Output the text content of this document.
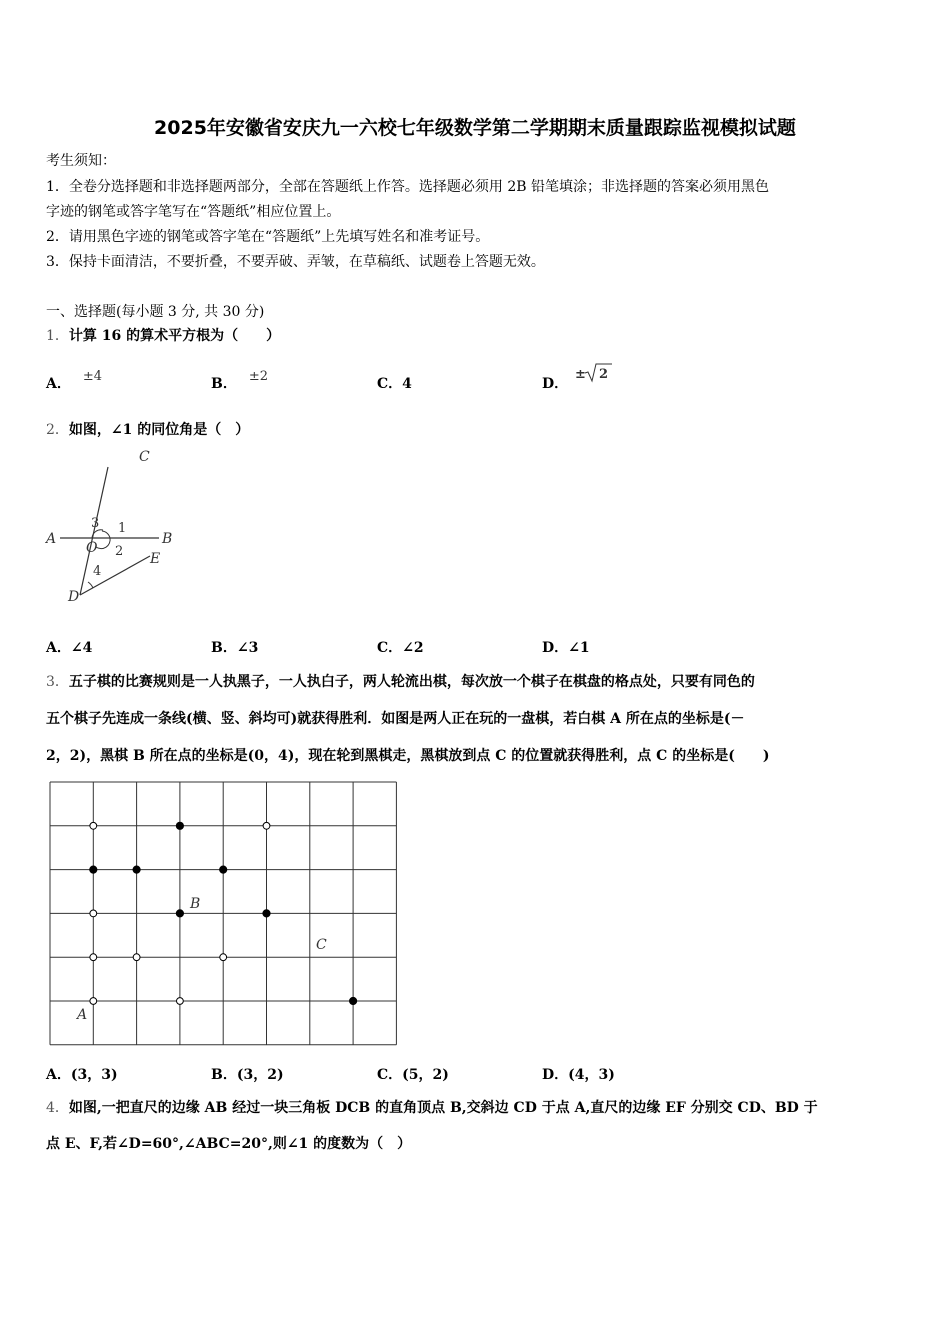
2025年安徽省安庆九一六校七年级数学第二学期期末质量跟踪监视模拟试题
考生须知：
1．全卷分选择题和非选择题两部分，全部在答题纸上作答。选择题必须用 2B 铅笔填涂；非选择题的答案必须用黑色
字迹的钢笔或答字笔写在“答题纸”相应位置上。
2．请用黑色字迹的钢笔或答字笔在“答题纸”上先填写姓名和准考证号。
3．保持卡面清洁，不要折叠，不要弄破、弄皱，在草稿纸、试题卷上答题无效。
一、选择题(每小题 3 分, 共 30 分)
1．计算 16 的算术平方根为（　　）
A． ±4	B． ±2	C．4	D．
± 2
2．如图，∠1 的同位角是（　）
C
A	B
O
E
D
1
2
3
4
A．∠4	B．∠3	C．∠2	D．∠1
3．五子棋的比赛规则是一人执黑子，一人执白子，两人轮流出棋，每次放一个棋子在棋盘的格点处，只要有同色的
五个棋子先连成一条线(横、竖、斜均可)就获得胜利．如图是两人正在玩的一盘棋，若白棋 A 所在点的坐标是(－
2，2)，黑棋 B 所在点的坐标是(0，4)，现在轮到黑棋走，黑棋放到点 C 的位置就获得胜利，点 C 的坐标是(　　)
B
C
A
A．(3，3)	B．(3，2)	C．(5，2)	D．(4，3)
4．如图,一把直尺的边缘 AB 经过一块三角板 DCB 的直角顶点 B,交斜边 CD 于点 A,直尺的边缘 EF 分别交 CD、BD 于
点 E、F,若∠D=60°,∠ABC=20°,则∠1 的度数为（　）
